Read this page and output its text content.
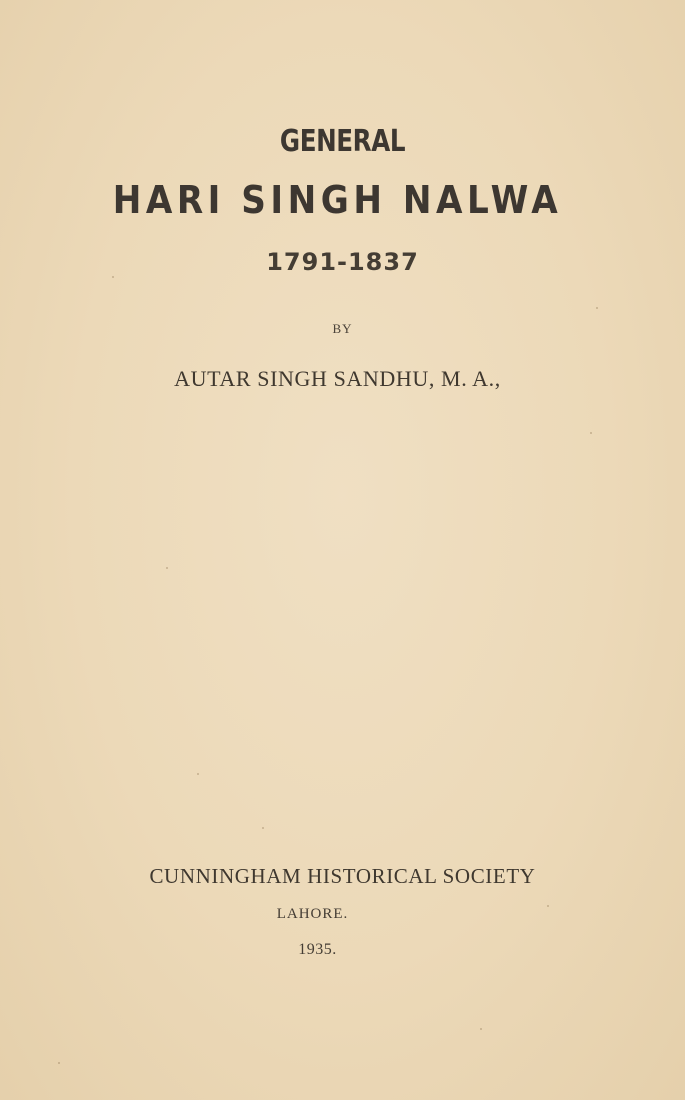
GENERAL
HARI SINGH NALWA
1791-1837
BY
AUTAR SINGH SANDHU, M. A.,
CUNNINGHAM HISTORICAL SOCIETY
LAHORE.
1935.
